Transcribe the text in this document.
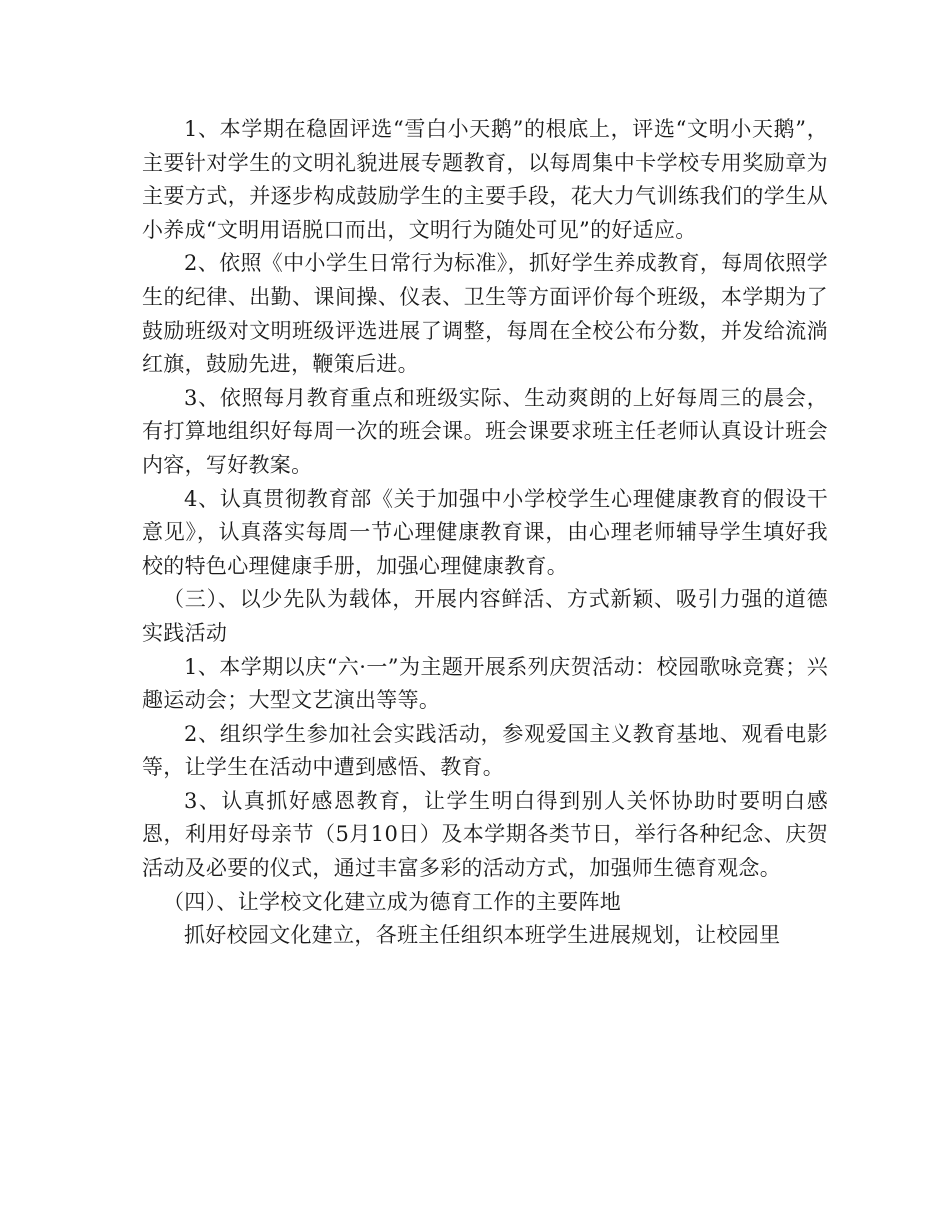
1、本学期在稳固评选“雪白小天鹅”的根底上，评选“文明小天鹅”，主要针对学生的文明礼貌进展专题教育，以每周集中卡学校专用奖励章为主要方式，并逐步构成鼓励学生的主要手段，花大力气训练我们的学生从小养成“文明用语脱口而出，文明行为随处可见”的好适应。

2、依照《中小学生日常行为标准》，抓好学生养成教育，每周依照学生的纪律、出勤、课间操、仪表、卫生等方面评价每个班级，本学期为了鼓励班级对文明班级评选进展了调整，每周在全校公布分数，并发给流淌红旗，鼓励先进，鞭策后进。

3、依照每月教育重点和班级实际、生动爽朗的上好每周三的晨会，有打算地组织好每周一次的班会课。班会课要求班主任老师认真设计班会内容，写好教案。

4、认真贯彻教育部《关于加强中小学校学生心理健康教育的假设干意见》，认真落实每周一节心理健康教育课，由心理老师辅导学生填好我校的特色心理健康手册，加强心理健康教育。

（三）、以少先队为载体，开展内容鲜活、方式新颖、吸引力强的道德实践活动

1、本学期以庆“六·一”为主题开展系列庆贺活动：校园歌咏竞赛；兴趣运动会；大型文艺演出等等。

2、组织学生参加社会实践活动，参观爱国主义教育基地、观看电影等，让学生在活动中遭到感悟、教育。

3、认真抓好感恩教育，让学生明白得到别人关怀协助时要明白感恩，利用好母亲节（5月10日）及本学期各类节日，举行各种纪念、庆贺活动及必要的仪式，通过丰富多彩的活动方式，加强师生德育观念。

（四）、让学校文化建立成为德育工作的主要阵地

抓好校园文化建立，各班主任组织本班学生进展规划，让校园里
